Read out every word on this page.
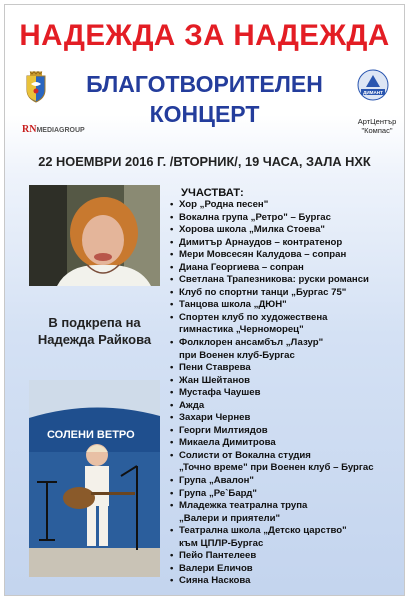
НАДЕЖДА ЗА НАДЕЖДА
RNMEDIAGROUP
БЛАГОТВОРИТЕЛЕН
КОНЦЕРТ
ДИМАНТ
АртЦентър
"Компас"
22 НОЕМВРИ 2016 Г. /ВТОРНИК/, 19 ЧАСА, ЗАЛА НХК
В подкрепа на
Надежда Райкова
СОЛЕНИ ВЕТРО
УЧАСТВАТ:
• Хор „Родна песен"
• Вокална група „Ретро" – Бургас
• Хорова школа „Милка Стоева"
• Димитър Арнаудов – контратенор
• Мери Мовсесян Калудова – сопран
• Диана Георгиева – сопран
• Светлана Трапезникова: руски романси
• Клуб по спортни танци „Бургас 75"
• Танцова школа „ДЮН"
• Спортен клуб по художествена
гимнастика „Черноморец"
• Фолклорен ансамбъл „Лазур"
при Военен клуб-Бургас
• Пени Ставрева
• Жан Шейтанов
• Мустафа Чаушев
• Ажда
• Захари Чернев
• Георги Милтиядов
• Микаела Димитрова
• Солисти от Вокална студия
„Точно време" при Военен клуб – Бургас
• Група „Авалон"
• Група „Ре`Бард"
• Младежка театрална трупа
„Валери и приятели"
• Театрална школа „Детско царство"
към ЦПЛР-Бургас
• Пейо Пантелеев
• Валери Еличов
• Сияна Наскова
